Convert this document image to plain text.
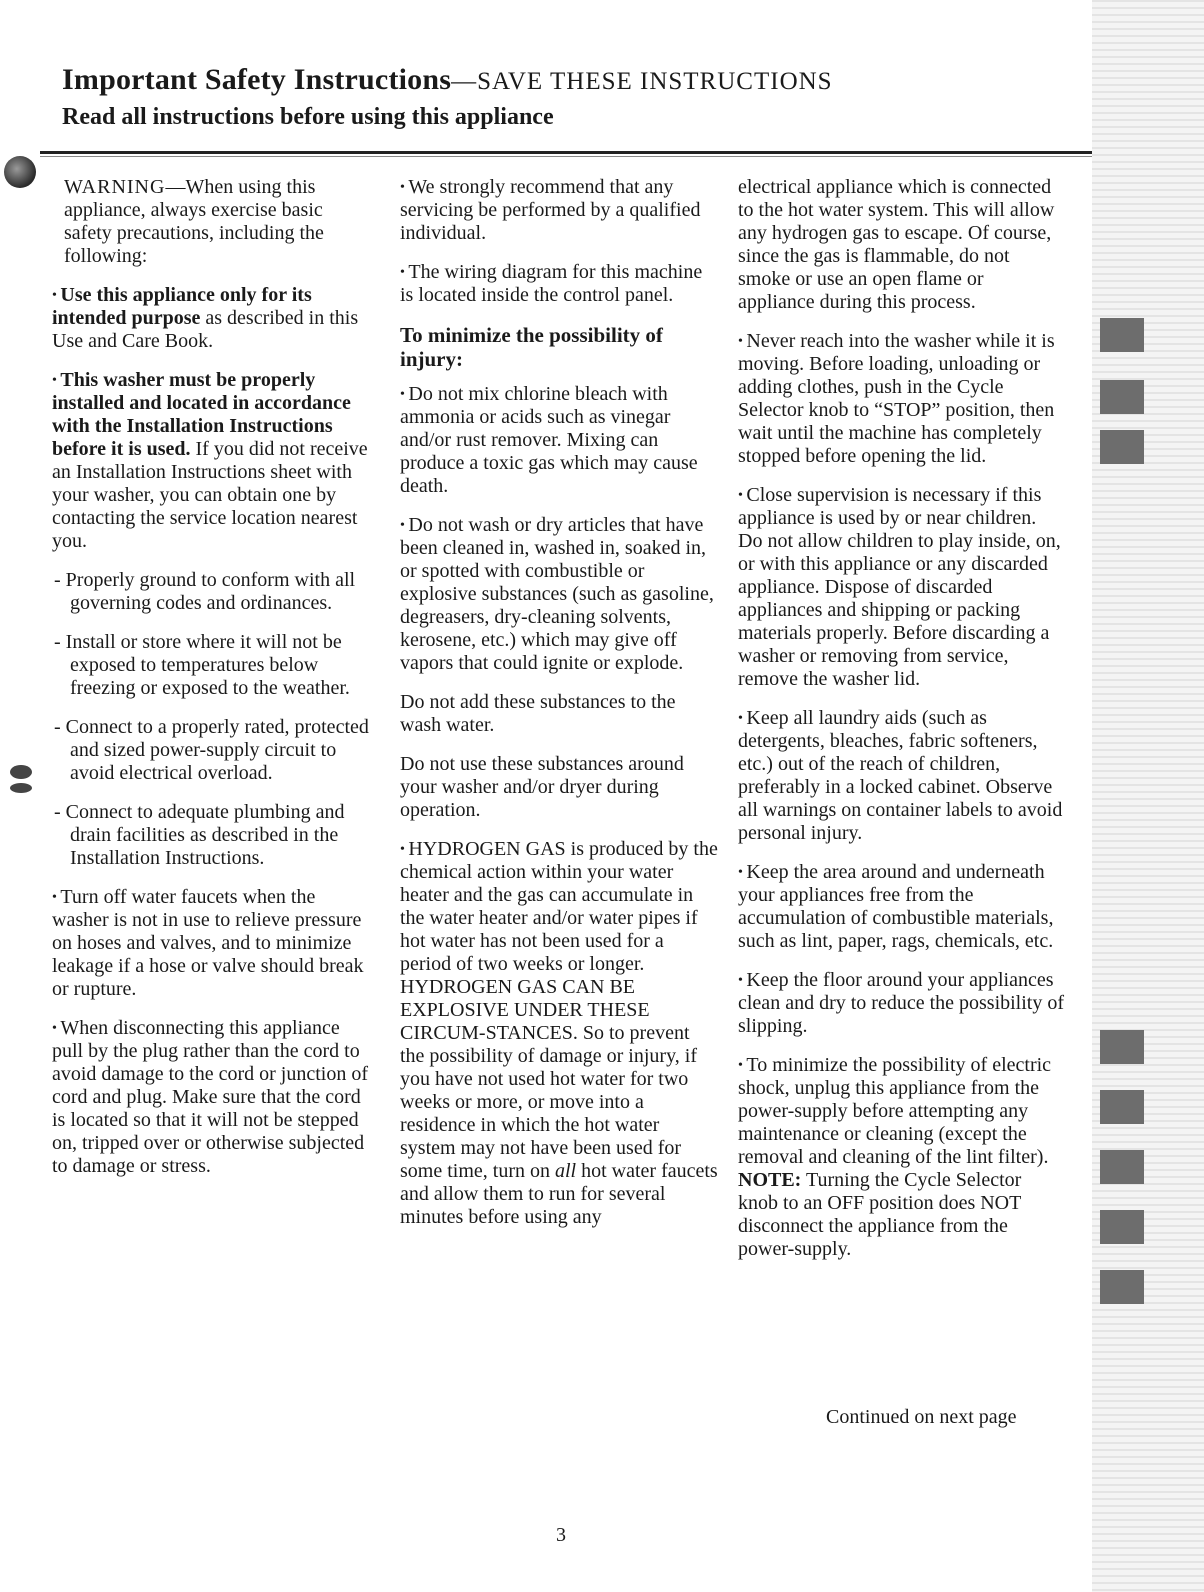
Important Safety Instructions—SAVE THESE INSTRUCTIONS
Read all instructions before using this appliance

WARNING—When using this appliance, always exercise basic safety precautions, including the following:

• Use this appliance only for its intended purpose as described in this Use and Care Book.

• This washer must be properly installed and located in accordance with the Installation Instructions before it is used. If you did not receive an Installation Instructions sheet with your washer, you can obtain one by contacting the service location nearest you.

- Properly ground to conform with all governing codes and ordinances.

- Install or store where it will not be exposed to temperatures below freezing or exposed to the weather.

- Connect to a properly rated, protected and sized power-supply circuit to avoid electrical overload.

- Connect to adequate plumbing and drain facilities as described in the Installation Instructions.

• Turn off water faucets when the washer is not in use to relieve pressure on hoses and valves, and to minimize leakage if a hose or valve should break or rupture.

• When disconnecting this appliance pull by the plug rather than the cord to avoid damage to the cord or junction of cord and plug. Make sure that the cord is located so that it will not be stepped on, tripped over or otherwise subjected to damage or stress.

• We strongly recommend that any servicing be performed by a qualified individual.

• The wiring diagram for this machine is located inside the control panel.

To minimize the possibility of injury:

• Do not mix chlorine bleach with ammonia or acids such as vinegar and/or rust remover. Mixing can produce a toxic gas which may cause death.

• Do not wash or dry articles that have been cleaned in, washed in, soaked in, or spotted with combustible or explosive substances (such as gasoline, degreasers, dry-cleaning solvents, kerosene, etc.) which may give off vapors that could ignite or explode.

Do not add these substances to the wash water.

Do not use these substances around your washer and/or dryer during operation.

• HYDROGEN GAS is produced by the chemical action within your water heater and the gas can accumulate in the water heater and/or water pipes if hot water has not been used for a period of two weeks or longer. HYDROGEN GAS CAN BE EXPLOSIVE UNDER THESE CIRCUM-STANCES. So to prevent the possibility of damage or injury, if you have not used hot water for two weeks or more, or move into a residence in which the hot water system may not have been used for some time, turn on all hot water faucets and allow them to run for several minutes before using any

electrical appliance which is connected to the hot water system. This will allow any hydrogen gas to escape. Of course, since the gas is flammable, do not smoke or use an open flame or appliance during this process.

• Never reach into the washer while it is moving. Before loading, unloading or adding clothes, push in the Cycle Selector knob to “STOP” position, then wait until the machine has completely stopped before opening the lid.

• Close supervision is necessary if this appliance is used by or near children. Do not allow children to play inside, on, or with this appliance or any discarded appliance. Dispose of discarded appliances and shipping or packing materials properly. Before discarding a washer or removing from service, remove the washer lid.

• Keep all laundry aids (such as detergents, bleaches, fabric softeners, etc.) out of the reach of children, preferably in a locked cabinet. Observe all warnings on container labels to avoid personal injury.

• Keep the area around and underneath your appliances free from the accumulation of combustible materials, such as lint, paper, rags, chemicals, etc.

• Keep the floor around your appliances clean and dry to reduce the possibility of slipping.

• To minimize the possibility of electric shock, unplug this appliance from the power-supply before attempting any maintenance or cleaning (except the removal and cleaning of the lint filter). NOTE: Turning the Cycle Selector knob to an OFF position does NOT disconnect the appliance from the power-supply.

Continued on next page
3
